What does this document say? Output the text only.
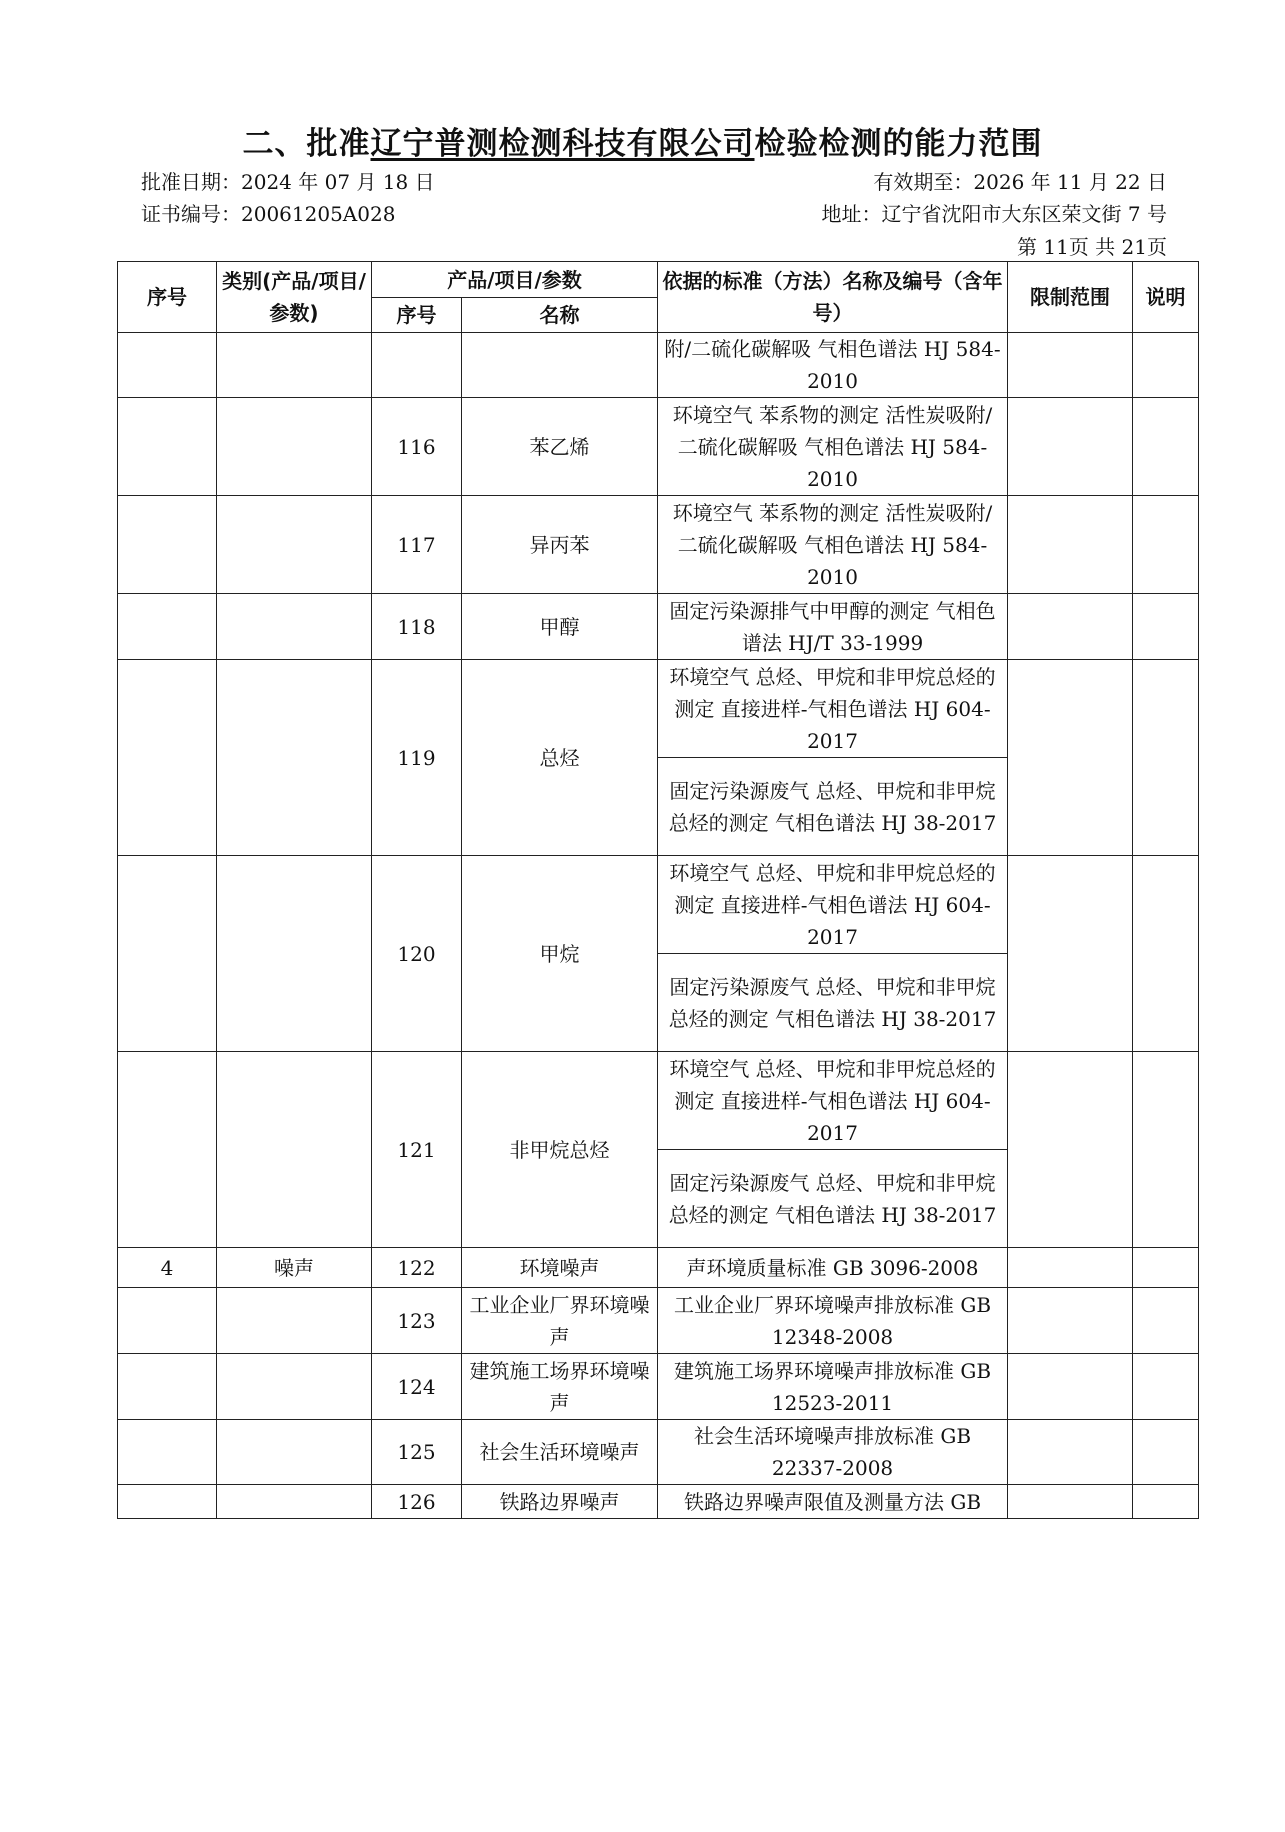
二、批准辽宁普测检测科技有限公司检验检测的能力范围
批准日期：2024 年 07 月 18 日	有效期至：2026 年 11 月 22 日
证书编号：20061205A028	地址：辽宁省沈阳市大东区荣文街 7 号
第 11页 共 21页
序号	类别(产品/项目/参数)	产品/项目/参数		依据的标准（方法）名称及编号（含年号）	限制范围	说明
		序号	名称			
				附/二硫化碳解吸 气相色谱法 HJ 584-2010		
		116	苯乙烯	环境空气 苯系物的测定 活性炭吸附/二硫化碳解吸 气相色谱法 HJ 584-2010		
		117	异丙苯	环境空气 苯系物的测定 活性炭吸附/二硫化碳解吸 气相色谱法 HJ 584-2010		
		118	甲醇	固定污染源排气中甲醇的测定 气相色谱法 HJ/T 33-1999		
		119	总烃	环境空气 总烃、甲烷和非甲烷总烃的测定 直接进样-气相色谱法 HJ 604-2017		
				固定污染源废气 总烃、甲烷和非甲烷总烃的测定 气相色谱法 HJ 38-2017		
		120	甲烷	环境空气 总烃、甲烷和非甲烷总烃的测定 直接进样-气相色谱法 HJ 604-2017		
				固定污染源废气 总烃、甲烷和非甲烷总烃的测定 气相色谱法 HJ 38-2017		
		121	非甲烷总烃	环境空气 总烃、甲烷和非甲烷总烃的测定 直接进样-气相色谱法 HJ 604-2017		
				固定污染源废气 总烃、甲烷和非甲烷总烃的测定 气相色谱法 HJ 38-2017		
4	噪声	122	环境噪声	声环境质量标准 GB 3096-2008		
		123	工业企业厂界环境噪声	工业企业厂界环境噪声排放标准 GB 12348-2008		
		124	建筑施工场界环境噪声	建筑施工场界环境噪声排放标准 GB 12523-2011		
		125	社会生活环境噪声	社会生活环境噪声排放标准 GB 22337-2008		
		126	铁路边界噪声	铁路边界噪声限值及测量方法 GB		
